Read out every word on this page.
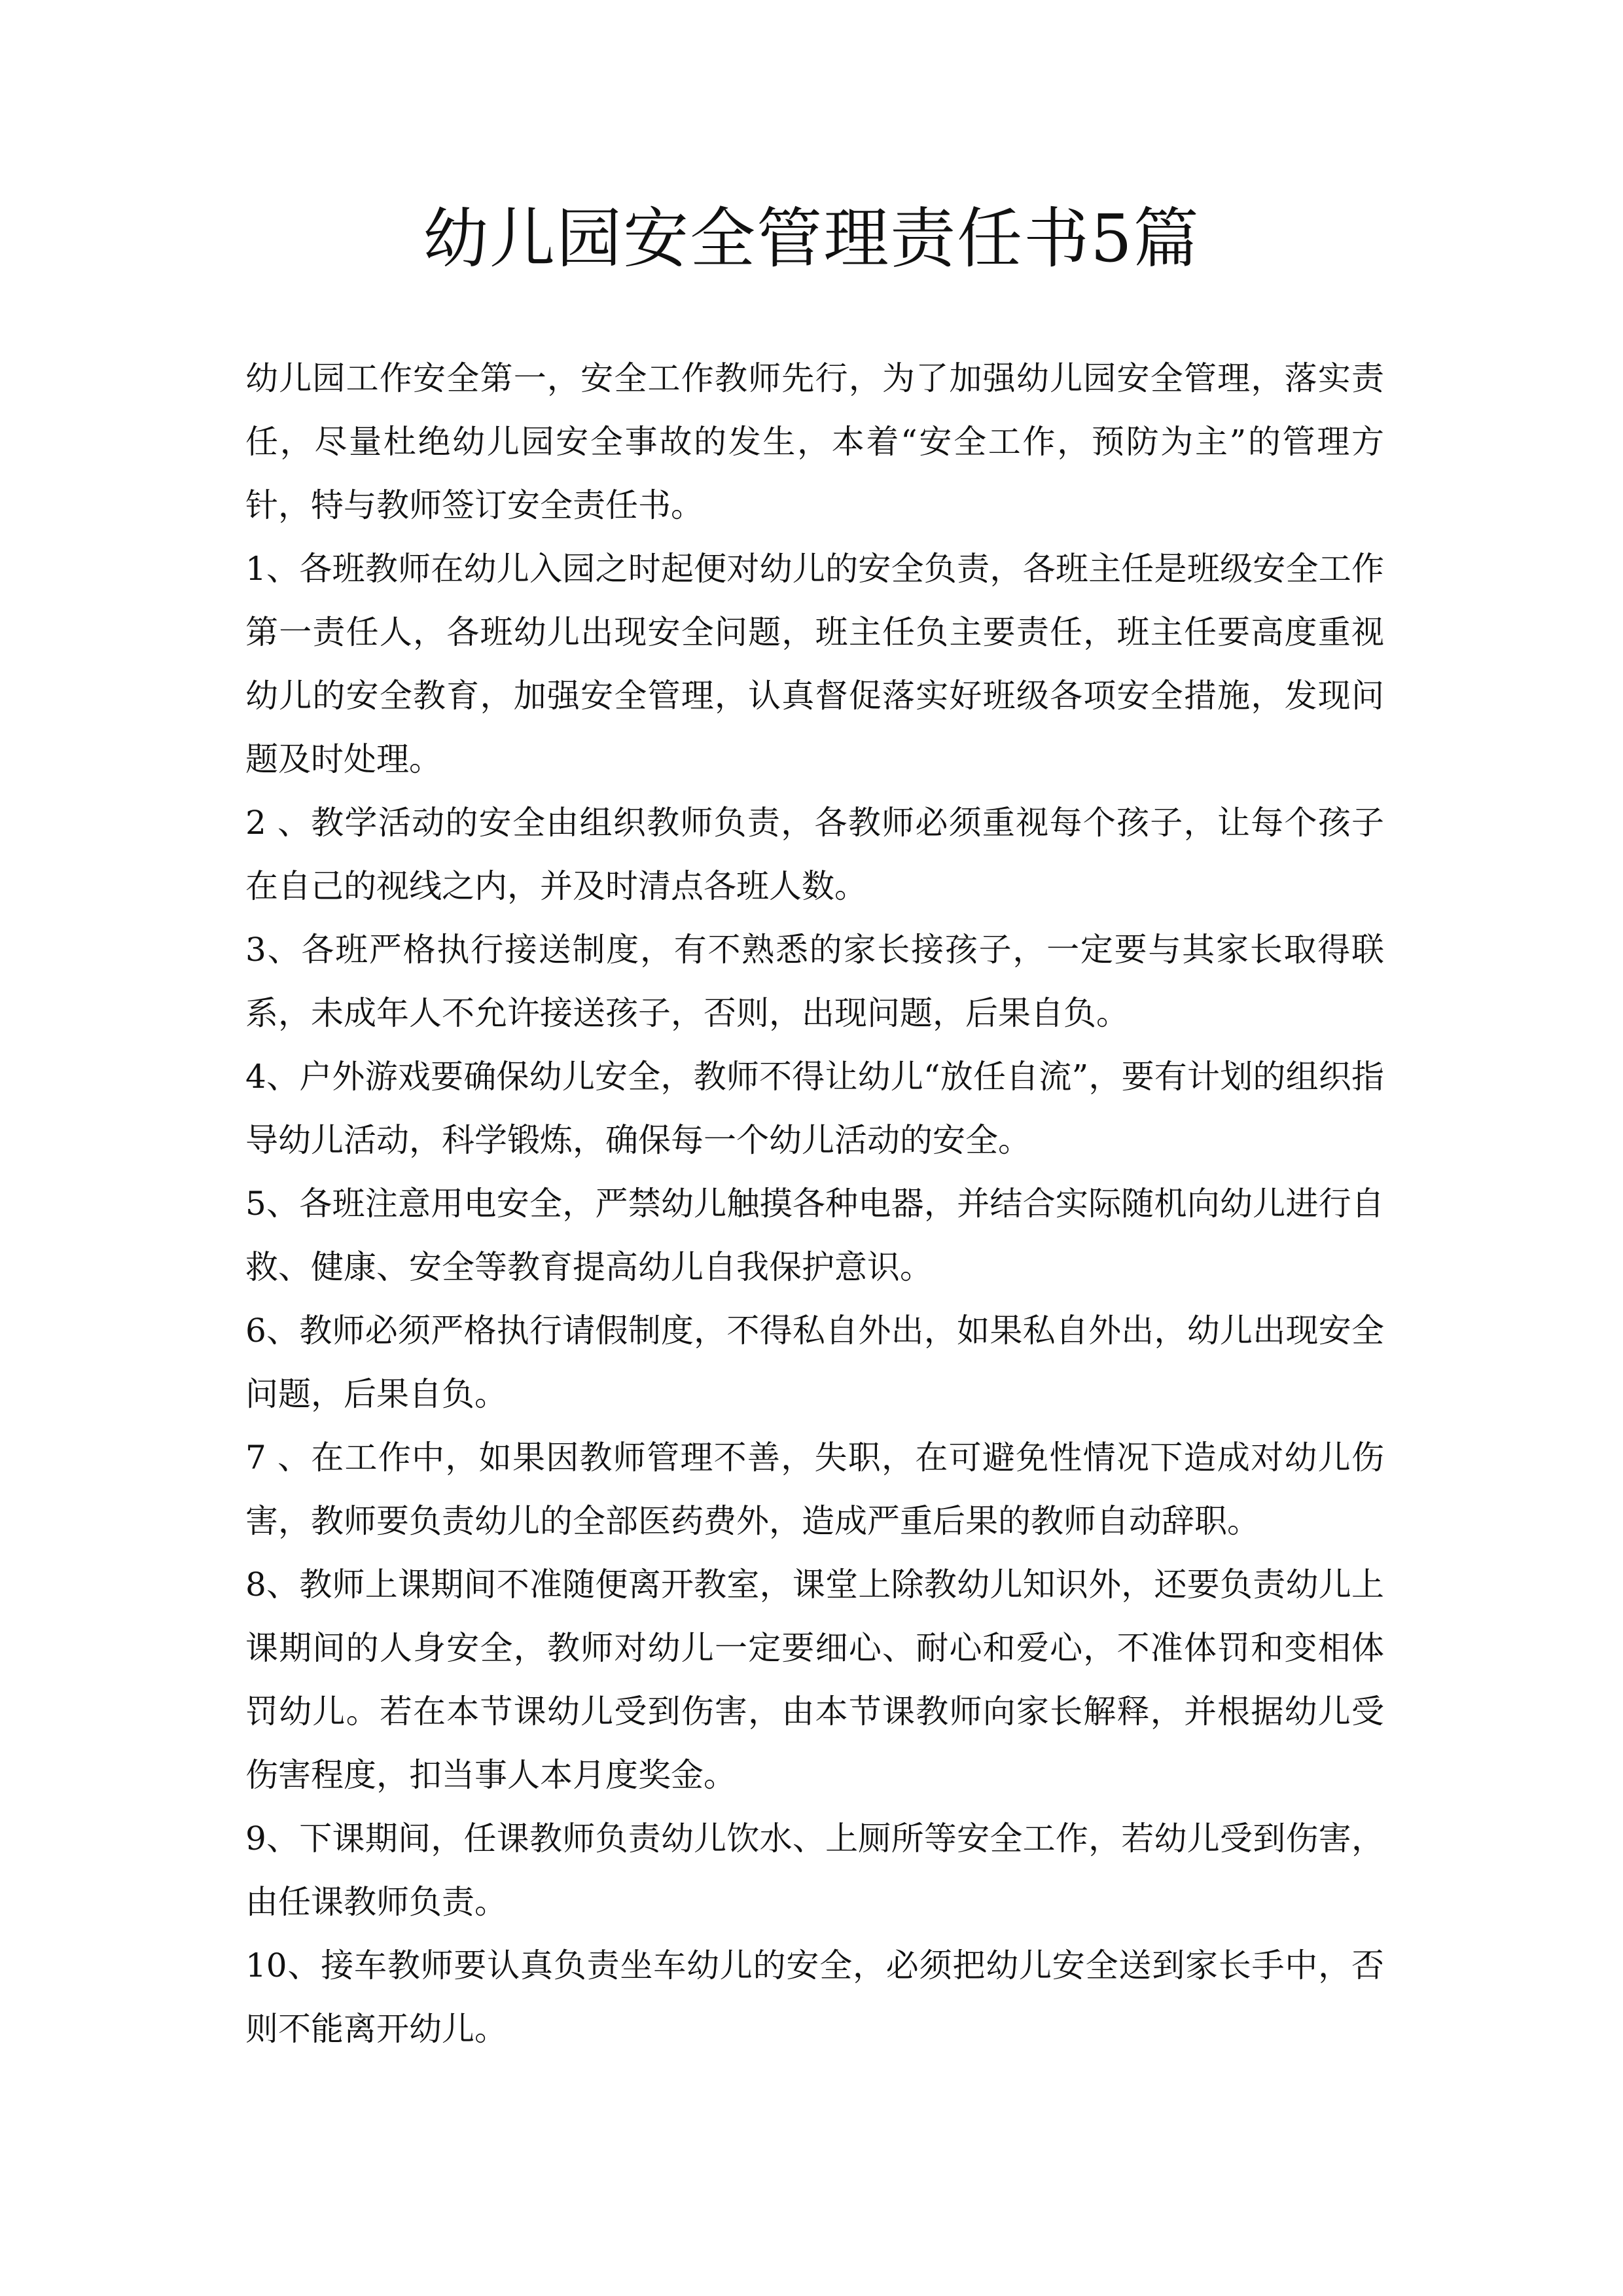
幼儿园安全管理责任书5篇

幼儿园工作安全第一，安全工作教师先行，为了加强幼儿园安全管理，落实责任，尽量杜绝幼儿园安全事故的发生，本着“安全工作，预防为主”的管理方针，特与教师签订安全责任书。

1、各班教师在幼儿入园之时起便对幼儿的安全负责，各班主任是班级安全工作第一责任人，各班幼儿出现安全问题，班主任负主要责任，班主任要高度重视幼儿的安全教育，加强安全管理，认真督促落实好班级各项安全措施，发现问题及时处理。

2 、教学活动的安全由组织教师负责，各教师必须重视每个孩子，让每个孩子在自己的视线之内，并及时清点各班人数。

3、各班严格执行接送制度，有不熟悉的家长接孩子，一定要与其家长取得联系，未成年人不允许接送孩子，否则，出现问题，后果自负。

4、户外游戏要确保幼儿安全，教师不得让幼儿“放任自流”，要有计划的组织指导幼儿活动，科学锻炼，确保每一个幼儿活动的安全。

5、各班注意用电安全，严禁幼儿触摸各种电器，并结合实际随机向幼儿进行自救、健康、安全等教育提高幼儿自我保护意识。

6、教师必须严格执行请假制度，不得私自外出，如果私自外出，幼儿出现安全问题，后果自负。

7 、在工作中，如果因教师管理不善，失职，在可避免性情况下造成对幼儿伤害，教师要负责幼儿的全部医药费外，造成严重后果的教师自动辞职。

8、教师上课期间不准随便离开教室，课堂上除教幼儿知识外，还要负责幼儿上课期间的人身安全，教师对幼儿一定要细心、耐心和爱心，不准体罚和变相体罚幼儿。若在本节课幼儿受到伤害，由本节课教师向家长解释，并根据幼儿受伤害程度，扣当事人本月度奖金。

9、下课期间，任课教师负责幼儿饮水、上厕所等安全工作，若幼儿受到伤害，由任课教师负责。

10、接车教师要认真负责坐车幼儿的安全，必须把幼儿安全送到家长手中，否则不能离开幼儿。
